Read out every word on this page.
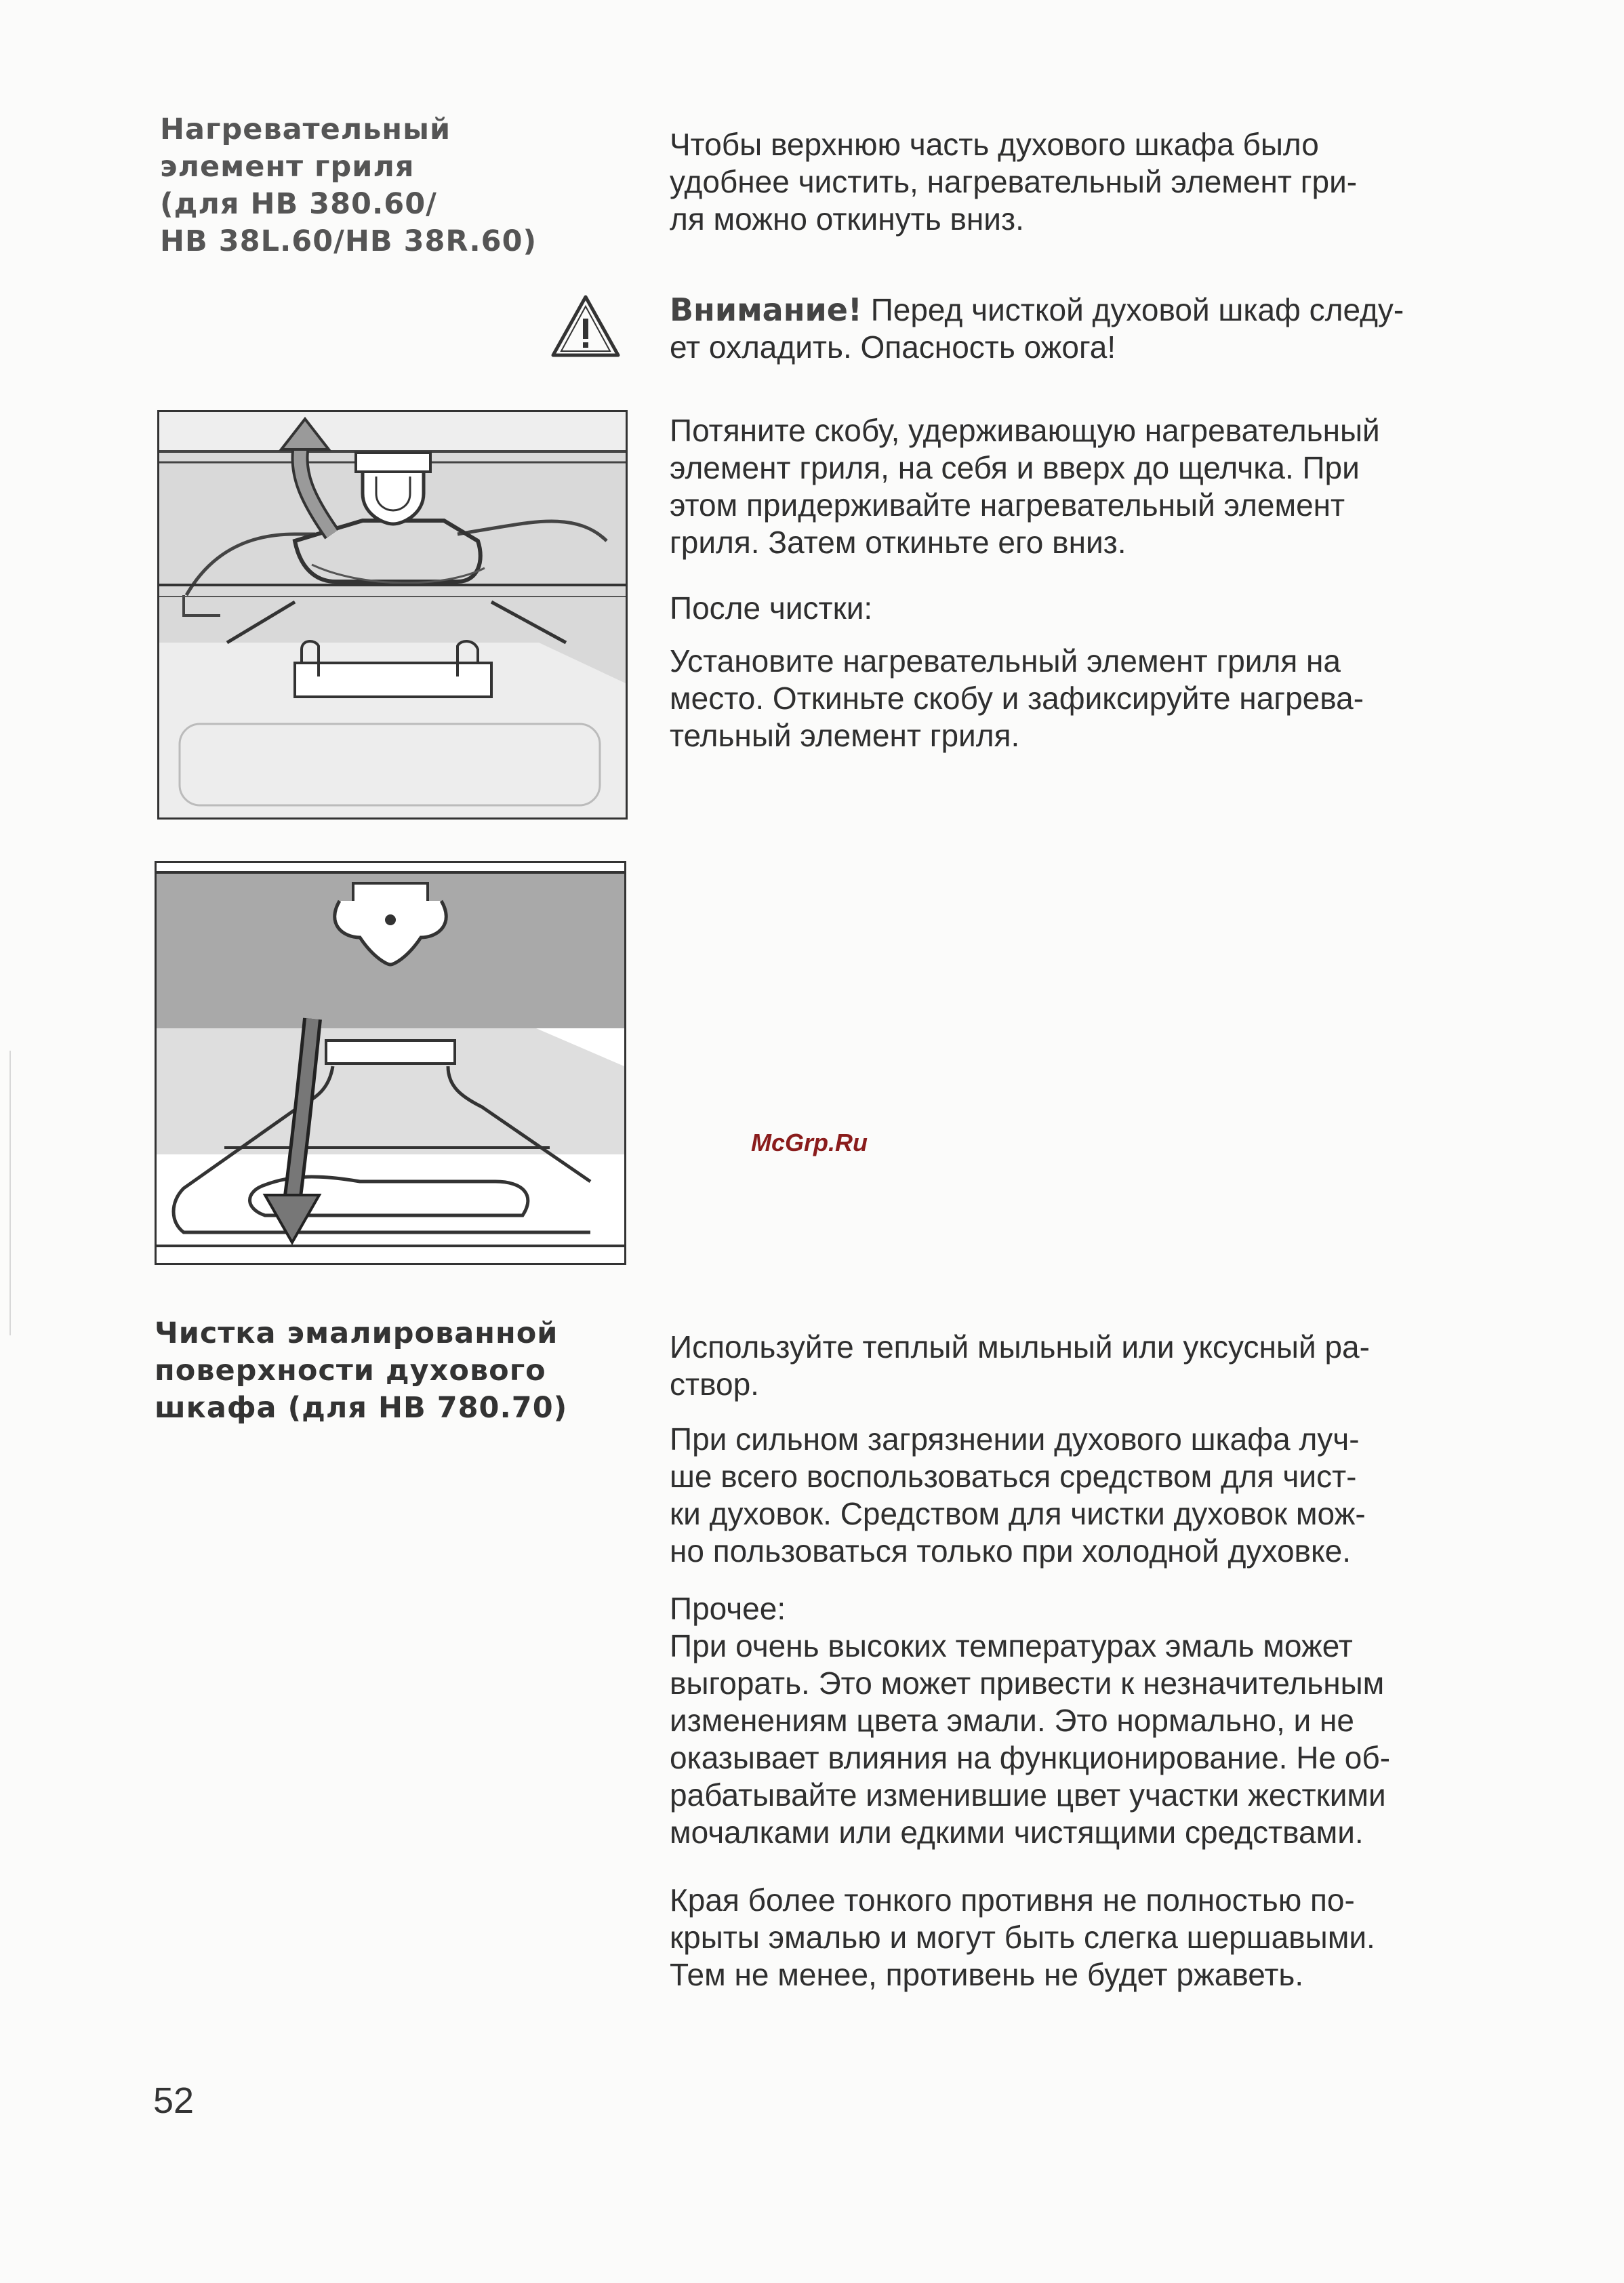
Нагревательный
элемент гриля
(для HB 380.60/
HB 38L.60/HB 38R.60)
Чтобы верхнюю часть духового шкафа было
удобнее чистить, нагревательный элемент гри-
ля можно откинуть вниз.
Внимание! Перед чисткой духовой шкаф следу-
ет охладить. Опасность ожога!
Потяните скобу, удерживающую нагревательный
элемент гриля, на себя и вверх до щелчка. При
этом придерживайте нагревательный элемент
гриля. Затем откиньте его вниз.
После чистки:
Установите нагревательный элемент гриля на
место. Откиньте скобу и зафиксируйте нагрева-
тельный элемент гриля.
McGrp.Ru
Чистка эмалированной
поверхности духового
шкафа (для HB 780.70)
Используйте теплый мыльный или уксусный ра-
створ.
При сильном загрязнении духового шкафа луч-
ше всего воспользоваться средством для чист-
ки духовок. Средством для чистки духовок мож-
но пользоваться только при холодной духовке.
Прочее:
При очень высоких температурах эмаль может
выгорать. Это может привести к незначительным
изменениям цвета эмали. Это нормально, и не
оказывает влияния на функционирование. Не об-
рабатывайте изменившие цвет участки жесткими
мочалками или едкими чистящими средствами.
Края более тонкого противня не полностью по-
крыты эмалью и могут быть слегка шершавыми.
Тем не менее, противень не будет ржаветь.
52
